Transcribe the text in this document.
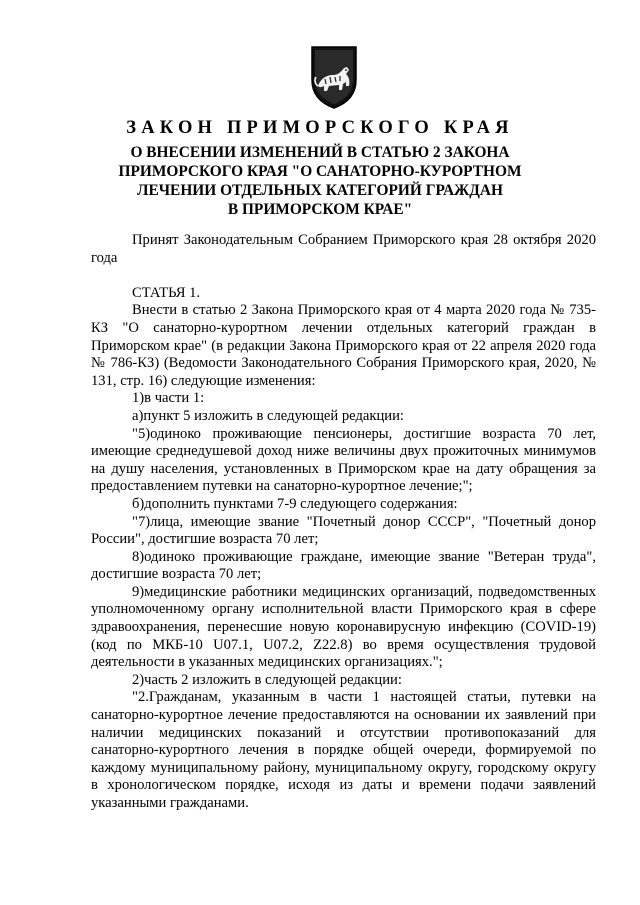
ЗАКОН ПРИМОРСКОГО КРАЯ
О ВНЕСЕНИИ ИЗМЕНЕНИЙ В СТАТЬЮ 2 ЗАКОНА
ПРИМОРСКОГО КРАЯ "О САНАТОРНО-КУРОРТНОМ
ЛЕЧЕНИИ ОТДЕЛЬНЫХ КАТЕГОРИЙ ГРАЖДАН
В ПРИМОРСКОМ КРАЕ"

Принят Законодательным Собранием Приморского края 28 октября 2020 года

СТАТЬЯ 1.

Внести в статью 2 Закона Приморского края от 4 марта 2020 года № 735-КЗ "О санаторно-курортном лечении отдельных категорий граждан в Приморском крае" (в редакции Закона Приморского края от 22 апреля 2020 года № 786-КЗ) (Ведомости Законодательного Собрания Приморского края, 2020, № 131, стр. 16) следующие изменения:

1)в части 1:

а)пункт 5 изложить в следующей редакции:

"5)одиноко проживающие пенсионеры, достигшие возраста 70 лет, имеющие среднедушевой доход ниже величины двух прожиточных минимумов на душу населения, установленных в Приморском крае на дату обращения за предоставлением путевки на санаторно-курортное лечение;";

б)дополнить пунктами 7-9 следующего содержания:

"7)лица, имеющие звание "Почетный донор СССР", "Почетный донор России", достигшие возраста 70 лет;

8)одиноко проживающие граждане, имеющие звание "Ветеран труда", достигшие возраста 70 лет;

9)медицинские работники медицинских организаций, подведомственных уполномоченному органу исполнительной власти Приморского края в сфере здравоохранения, перенесшие новую коронавирусную инфекцию (COVID-19) (код по МКБ-10 U07.1, U07.2, Z22.8) во время осуществления трудовой деятельности в указанных медицинских организациях.";

2)часть 2 изложить в следующей редакции:

"2.Гражданам, указанным в части 1 настоящей статьи, путевки на санаторно-курортное лечение предоставляются на основании их заявлений при наличии медицинских показаний и отсутствии противопоказаний для санаторно-курортного лечения в порядке общей очереди, формируемой по каждому муниципальному району, муниципальному округу, городскому округу в хронологическом порядке, исходя из даты и времени подачи заявлений указанными гражданами.
